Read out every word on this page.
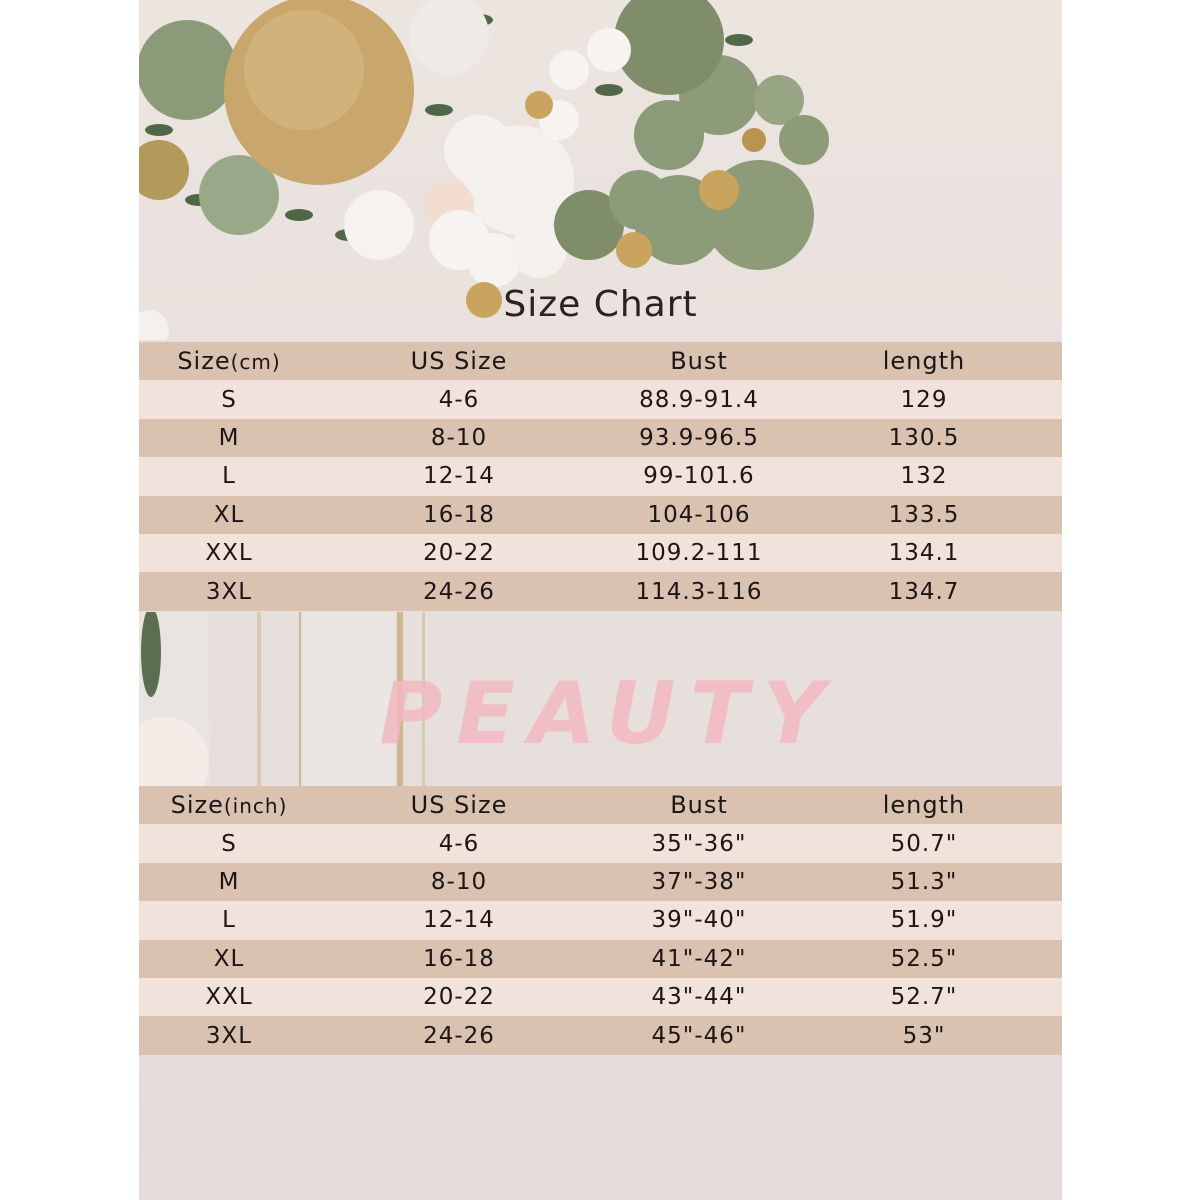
Size Chart
Size(cm)	US Size	Bust	length
S	4-6	88.9-91.4	129
M	8-10	93.9-96.5	130.5
L	12-14	99-101.6	132
XL	16-18	104-106	133.5
XXL	20-22	109.2-111	134.1
3XL	24-26	114.3-116	134.7
PEAUTY
Size(inch)	US Size	Bust	length
S	4-6	35"-36"	50.7"
M	8-10	37"-38"	51.3"
L	12-14	39"-40"	51.9"
XL	16-18	41"-42"	52.5"
XXL	20-22	43"-44"	52.7"
3XL	24-26	45"-46"	53"
